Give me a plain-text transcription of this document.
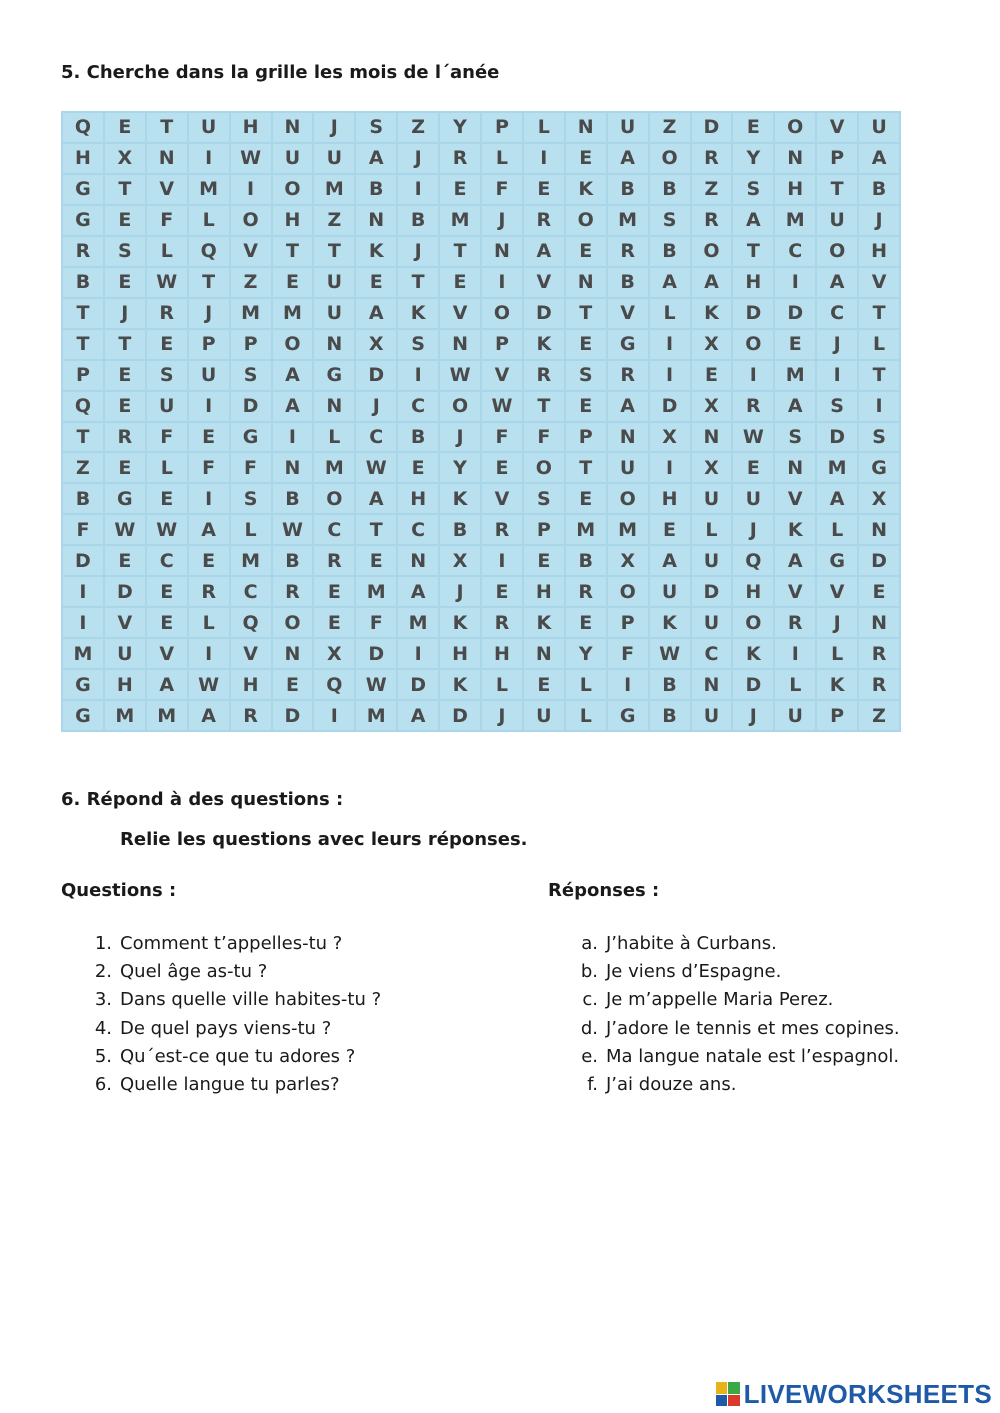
5. Cherche dans la grille les mois de l´anée
Q	E	T	U	H	N	J	S	Z	Y	P	L	N	U	Z	D	E	O	V	U
H	X	N	I	W	U	U	A	J	R	L	I	E	A	O	R	Y	N	P	A
G	T	V	M	I	O	M	B	I	E	F	E	K	B	B	Z	S	H	T	B
G	E	F	L	O	H	Z	N	B	M	J	R	O	M	S	R	A	M	U	J
R	S	L	Q	V	T	T	K	J	T	N	A	E	R	B	O	T	C	O	H
B	E	W	T	Z	E	U	E	T	E	I	V	N	B	A	A	H	I	A	V
T	J	R	J	M	M	U	A	K	V	O	D	T	V	L	K	D	D	C	T
T	T	E	P	P	O	N	X	S	N	P	K	E	G	I	X	O	E	J	L
P	E	S	U	S	A	G	D	I	W	V	R	S	R	I	E	I	M	I	T
Q	E	U	I	D	A	N	J	C	O	W	T	E	A	D	X	R	A	S	I
T	R	F	E	G	I	L	C	B	J	F	F	P	N	X	N	W	S	D	S
Z	E	L	F	F	N	M	W	E	Y	E	O	T	U	I	X	E	N	M	G
B	G	E	I	S	B	O	A	H	K	V	S	E	O	H	U	U	V	A	X
F	W	W	A	L	W	C	T	C	B	R	P	M	M	E	L	J	K	L	N
D	E	C	E	M	B	R	E	N	X	I	E	B	X	A	U	Q	A	G	D
I	D	E	R	C	R	E	M	A	J	E	H	R	O	U	D	H	V	V	E
I	V	E	L	Q	O	E	F	M	K	R	K	E	P	K	U	O	R	J	N
M	U	V	I	V	N	X	D	I	H	H	N	Y	F	W	C	K	I	L	R
G	H	A	W	H	E	Q	W	D	K	L	E	L	I	B	N	D	L	K	R
G	M	M	A	R	D	I	M	A	D	J	U	L	G	B	U	J	U	P	Z
6. Répond à des questions :
Relie les questions avec leurs réponses.
Questions :	Réponses :
1. Comment t’appelles-tu ?
2. Quel âge as-tu ?
3. Dans quelle ville habites-tu ?
4. De quel pays viens-tu ?
5. Qu´est-ce que tu adores ?
6. Quelle langue tu parles?
a. J’habite à Curbans.
b. Je viens d’Espagne.
c. Je m’appelle Maria Perez.
d. J’adore le tennis et mes copines.
e. Ma langue natale est l’espagnol.
f. J’ai douze ans.
LIVEWORKSHEETS
